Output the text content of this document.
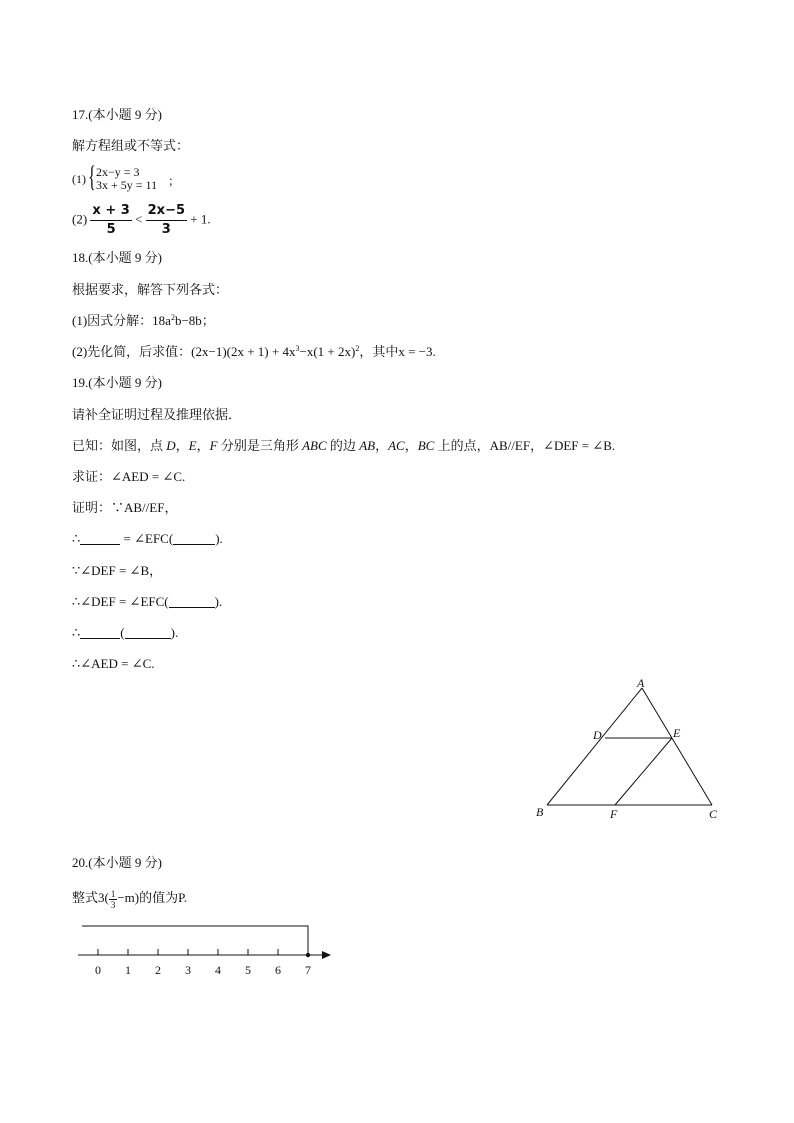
17.(本小题 9 分)
解方程组或不等式：
(1) { 2x−y = 3
3x + 5y = 11 ；
$(2) \frac{x + 3}{5} < \frac{2x-5}{3} + 1$.
18.(本小题 9 分)
根据要求，解答下列各式：
(1)因式分解：$18a^2b-8b$；
(2)先化简，后求值：$(2x-1)(2x + 1) + 4x^3-x(1 + 2x)^2$，其中x = −3.
19.(本小题 9 分)
请补全证明过程及推理依据．
已知：如图，点 D，E，F 分别是三角形 ABC 的边 AB，AC，BC 上的点，AB//EF，∠DEF = ∠B.
求证：∠AED = ∠C.
证明：∵AB//EF，
∴	= ∠EFC(	).
∵∠DEF = ∠B，
∴∠DEF = ∠EFC(	).
∴	(	).
∴∠AED = ∠C.
A
D	E
B	F	C
20.(本小题 9 分)
整式$3( \frac{1}{3} -m)$的值为P.
0 1 2 3 4 5 6 7
